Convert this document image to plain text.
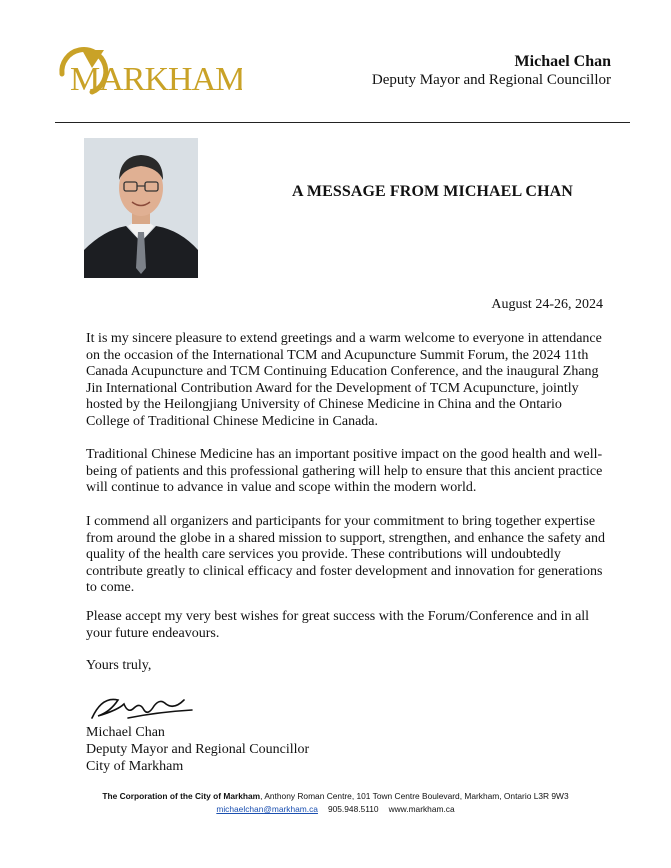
MARKHAM	Michael Chan
Deputy Mayor and Regional Councillor
A MESSAGE FROM MICHAEL CHAN
August 24-26, 2024
It is my sincere pleasure to extend greetings and a warm welcome to everyone in attendance on the occasion of the International TCM and Acupuncture Summit Forum, the 2024 11th Canada Acupuncture and TCM Continuing Education Conference, and the inaugural Zhang Jin International Contribution Award for the Development of TCM Acupuncture, jointly hosted by the Heilongjiang University of Chinese Medicine in China and the Ontario College of Traditional Chinese Medicine in Canada.
Traditional Chinese Medicine has an important positive impact on the good health and well-being of patients and this professional gathering will help to ensure that this ancient practice will continue to advance in value and scope within the modern world.
I commend all organizers and participants for your commitment to bring together expertise from around the globe in a shared mission to support, strengthen, and enhance the safety and quality of the health care services you provide. These contributions will undoubtedly contribute greatly to clinical efficacy and foster development and innovation for generations to come.
Please accept my very best wishes for great success with the Forum/Conference and in all your future endeavours.
Yours truly,
Michael Chan
Deputy Mayor and Regional Councillor
City of Markham
The Corporation of the City of Markham, Anthony Roman Centre, 101 Town Centre Boulevard, Markham, Ontario L3R 9W3
michaelchan@markham.ca 905.948.5110 www.markham.ca
